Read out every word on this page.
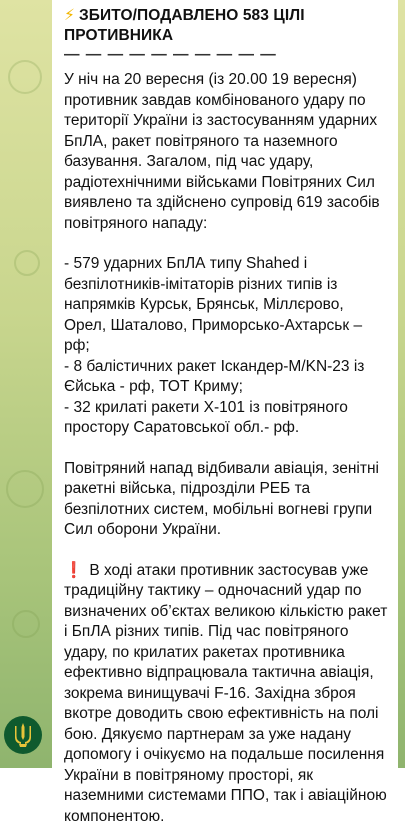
⚡ ЗБИТО/ПОДАВЛЕНО 583 ЦІЛІ ПРОТИВНИКА
— — — — — — — — — —

У ніч на 20 вересня (із 20.00 19 вересня) противник завдав комбінованого удару по території України із застосуванням ударних БпЛА, ракет повітряного та наземного базування. Загалом, під час удару, радіотехнічними військами Повітряних Сил виявлено та здійснено супровід 619 засобів повітряного нападу:

- 579 ударних БпЛА типу Shahed і безпілотників-імітаторів різних типів із напрямків Курськ, Брянськ, Міллєрово, Орел, Шаталово, Приморсько-Ахтарськ – рф;

- 8 балістичних ракет Іскандер-М/KN-23 із Єйська - рф, ТОТ Криму;

- 32 крилаті ракети Х-101 із повітряного простору Саратовської обл.- рф.

Повітряний напад відбивали авіація, зенітні ракетні війська, підрозділи РЕБ та безпілотних систем, мобільні вогневі групи Сил оборони України.

❗ В ході атаки противник застосував уже традиційну тактику – одночасний удар по визначених об’єктах великою кількістю ракет і БпЛА різних типів. Під час повітряного удару, по крилатих ракетах противника ефективно відпрацювала тактична авіація, зокрема винищувачі F-16. Західна зброя вкотре доводить свою ефективність на полі бою. Дякуємо партнерам за уже надану допомогу і очікуємо на подальше посилення України в повітряному просторі, як наземними системами ППО, так і авіаційною компонентою.
